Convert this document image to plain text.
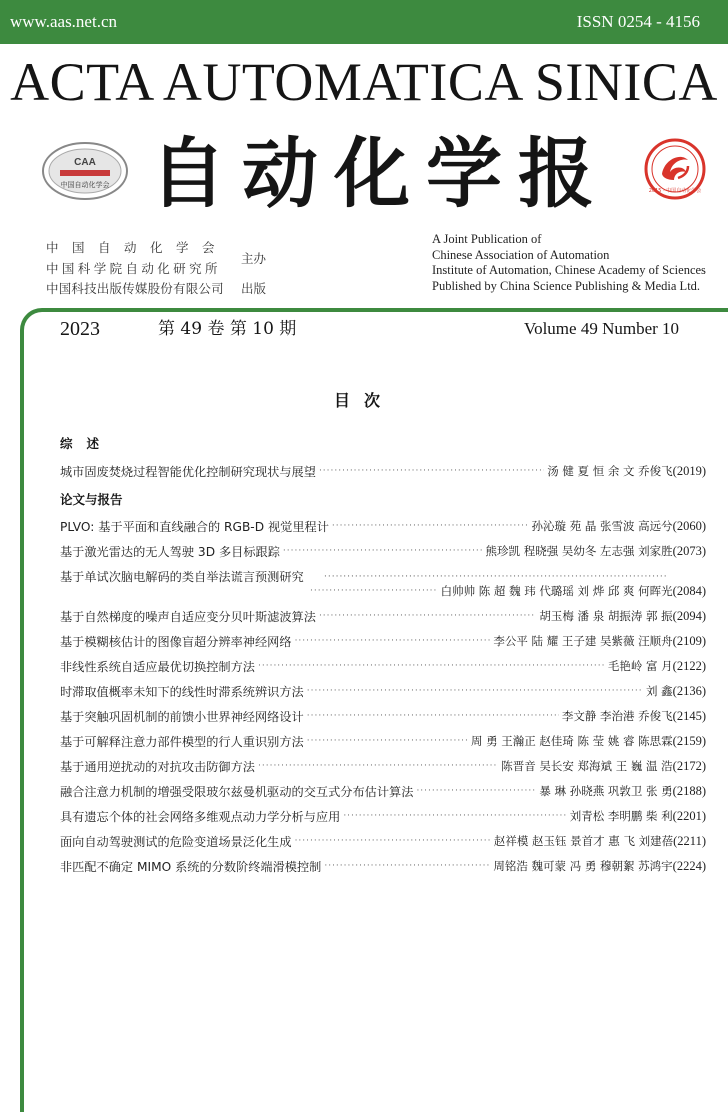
www.aas.net.cn	ISSN 0254 - 4156
ACTA AUTOMATICA SINICA
CAA
中国自动化学会 自动化学报	2015 · 中国自动化学会
中国自动化学会
中国科学院自动化研究所
中国科技出版传媒股份有限公司
主办
出版
A Joint Publication of
Chinese Association of Automation
Institute of Automation, Chinese Academy of Sciences
Published by China Science Publishing & Media Ltd.
2023	第 49 卷 第 10 期	Volume 49 Number 10
目次
综述
城市固废焚烧过程智能优化控制研究现状与展望 ·····	汤 健 夏 恒 余 文 乔俊飞 (2019)
论文与报告
PLVO: 基于平面和直线融合的 RGB-D 视觉里程计 ·····	孙沁璇 苑 晶 张雪波 高远兮 (2060)
基于激光雷达的无人驾驶 3D 多目标跟踪 ·····	熊珍凯 程晓强 吴幼冬 左志强 刘家胜 (2073)
基于单试次脑电解码的类自举法谎言预测研究
·····
·····
白帅帅 陈 超 魏 玮 代璐瑶 刘 烨 邱 爽 何晖光 (2084)
基于自然梯度的噪声自适应变分贝叶斯滤波算法 ·····	胡玉梅 潘 泉 胡振涛 郭 振 (2094)
基于模糊核估计的图像盲超分辨率神经网络 ·····	李公平 陆 耀 王子建 吴紫薇 汪顺舟 (2109)
非线性系统自适应最优切换控制方法 ·····	毛艳岭 富 月 (2122)
时滞取值概率未知下的线性时滞系统辨识方法 ·····	刘 鑫 (2136)
基于突触巩固机制的前馈小世界神经网络设计 ·····	李文静 李治港 乔俊飞 (2145)
基于可解释注意力部件模型的行人重识别方法 ·····	周 勇 王瀚正 赵佳琦 陈 莹 姚 睿 陈思霖 (2159)
基于通用逆扰动的对抗攻击防御方法 ·····	陈晋音 吴长安 郑海斌 王 巍 温 浩 (2172)
融合注意力机制的增强受限玻尔兹曼机驱动的交互式分布估计算法 ·····	暴 琳 孙晓燕 巩敦卫 张 勇 (2188)
具有遗忘个体的社会网络多维观点动力学分析与应用 ·····	刘青松 李明鹏 柴 利 (2201)
面向自动驾驶测试的危险变道场景泛化生成 ·····	赵祥模 赵玉钰 景首才 惠 飞 刘建蓓 (2211)
非匹配不确定 MIMO 系统的分数阶终端滑模控制 ·····	周铭浩 魏可蒙 冯 勇 穆朝絮 苏鸿宇 (2224)
